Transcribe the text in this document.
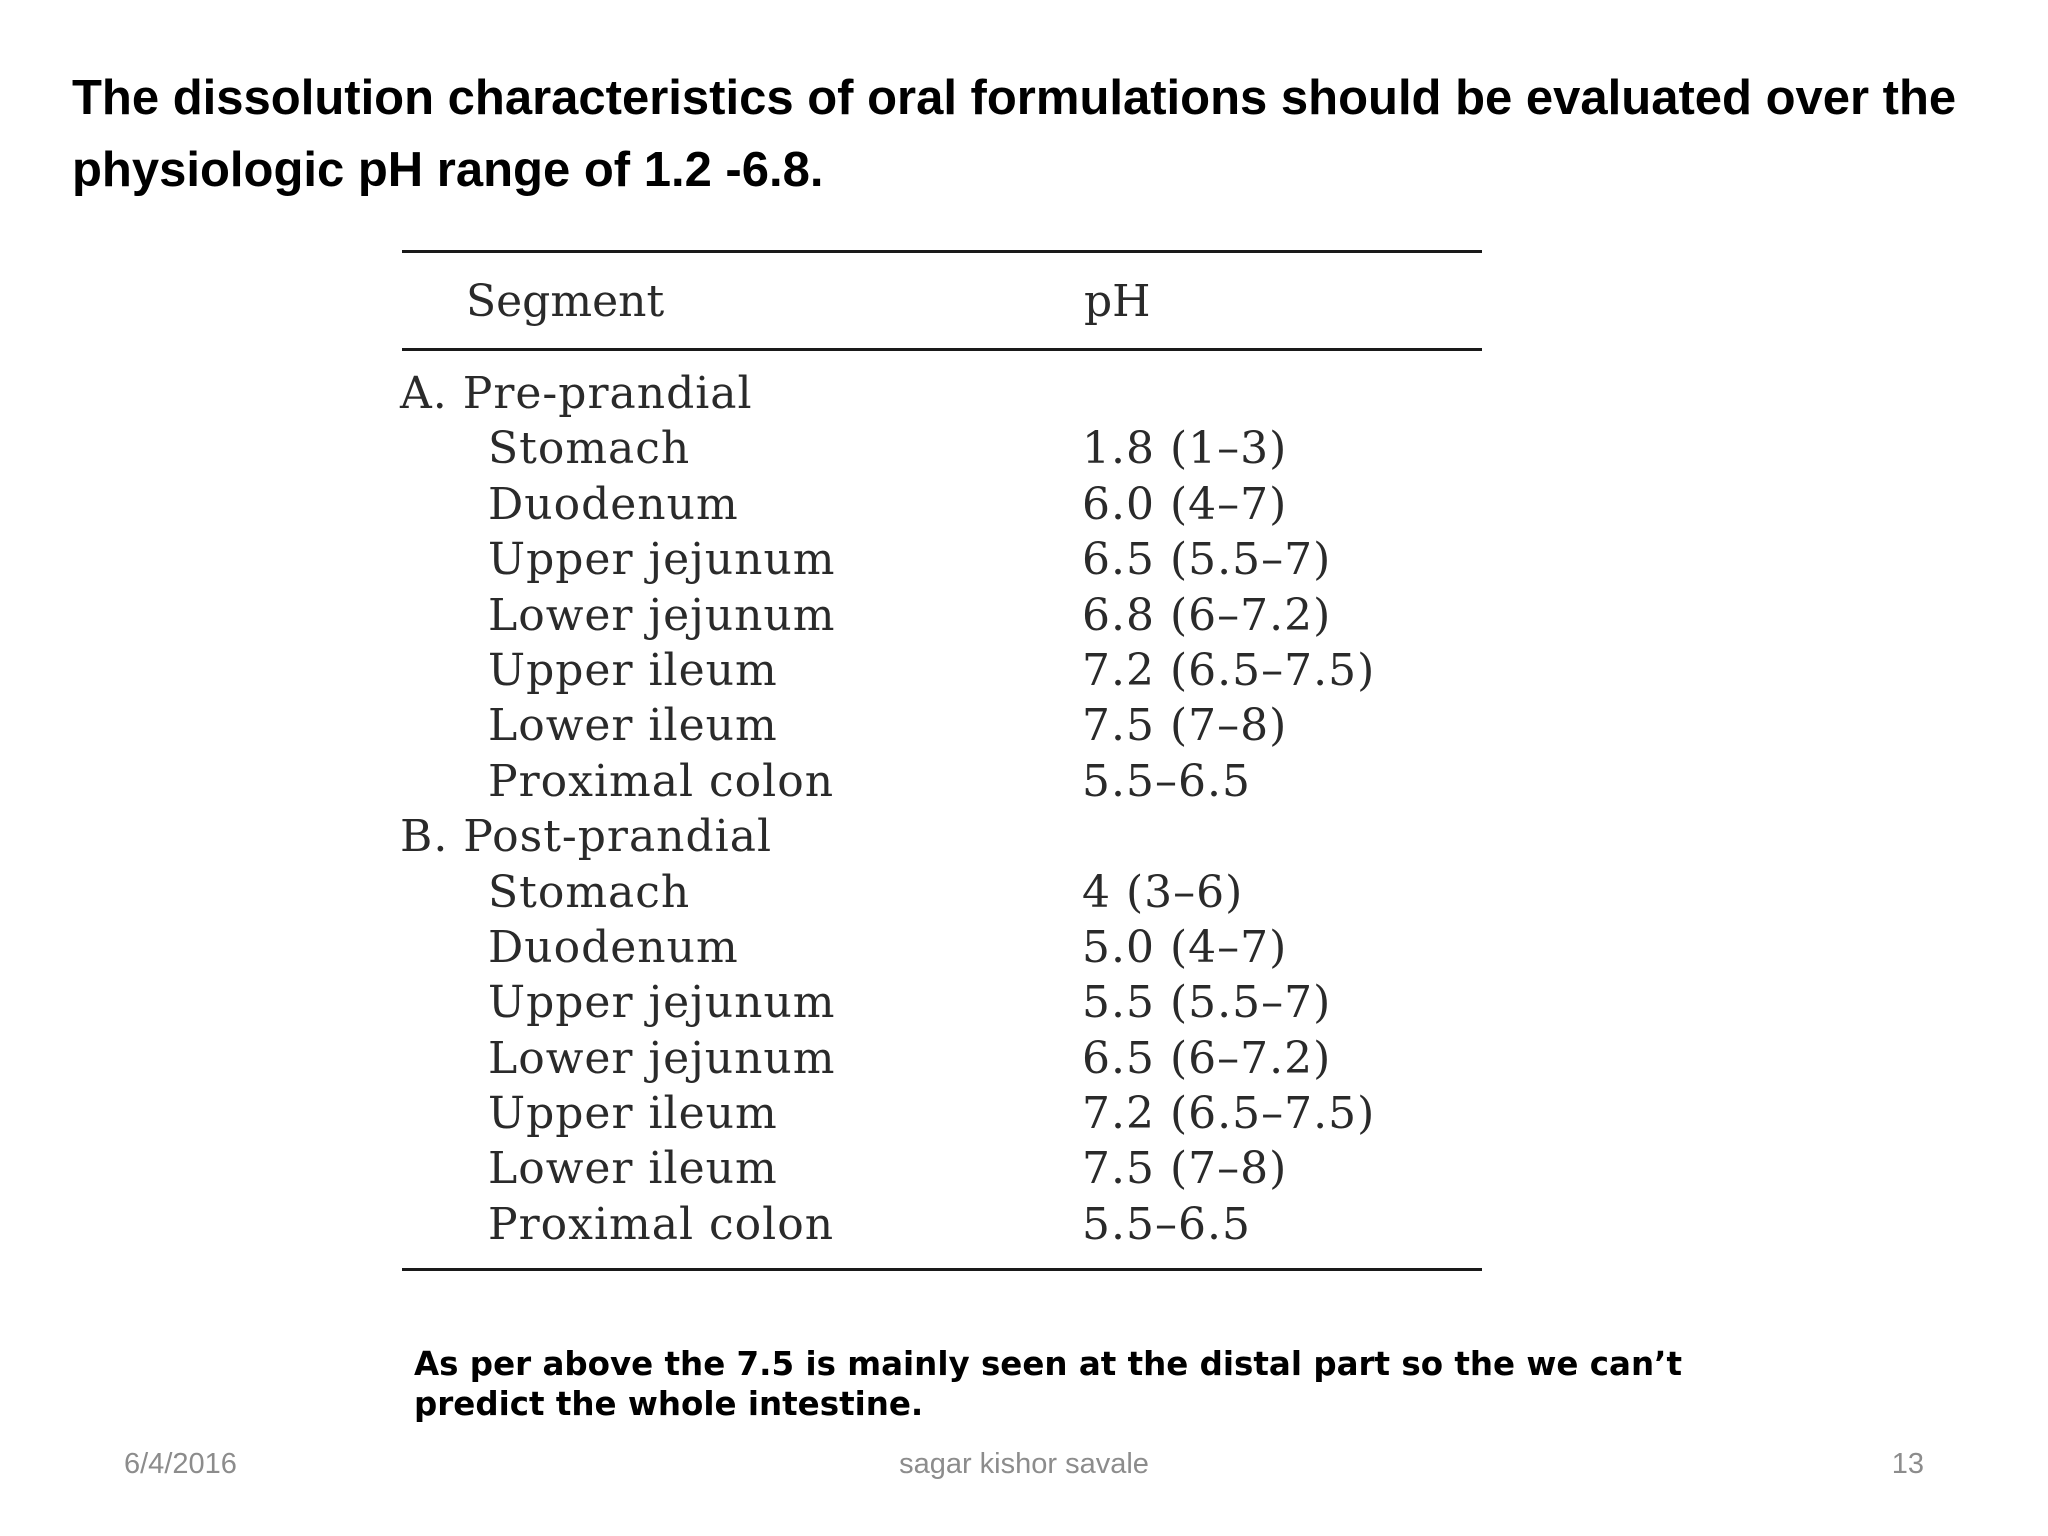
The dissolution characteristics of oral formulations should be evaluated over the physiologic pH range of 1.2 -6.8.
Segment	pH
A. Pre-prandial
Stomach	1.8 (1–3)
Duodenum	6.0 (4–7)
Upper jejunum	6.5 (5.5–7)
Lower jejunum	6.8 (6–7.2)
Upper ileum	7.2 (6.5–7.5)
Lower ileum	7.5 (7–8)
Proximal colon	5.5–6.5
B. Post-prandial
Stomach	4 (3–6)
Duodenum	5.0 (4–7)
Upper jejunum	5.5 (5.5–7)
Lower jejunum	6.5 (6–7.2)
Upper ileum	7.2 (6.5–7.5)
Lower ileum	7.5 (7–8)
Proximal colon	5.5–6.5

As per above the 7.5 is mainly seen at the distal part so the we can’t predict the whole intestine.

6/4/2016	sagar kishor savale	13
